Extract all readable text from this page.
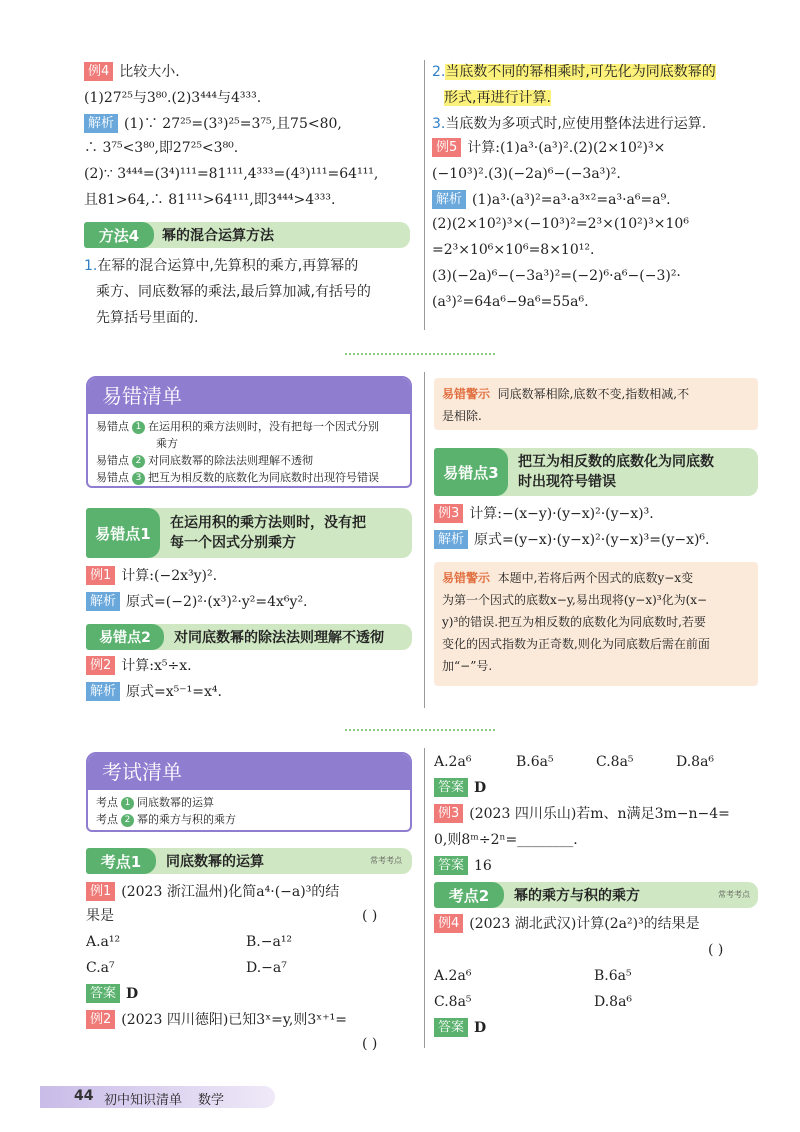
例4 比较大小.
(1)27²⁵与3⁸⁰.(2)3⁴⁴⁴与4³³³.
解析 (1)∵ 27²⁵=(3³)²⁵=3⁷⁵,且75<80,
∴ 3⁷⁵<3⁸⁰,即27²⁵<3⁸⁰.
(2)∵ 3⁴⁴⁴=(3⁴)¹¹¹=81¹¹¹,4³³³=(4³)¹¹¹=64¹¹¹,
且81>64,∴ 81¹¹¹>64¹¹¹,即3⁴⁴⁴>4³³³.
方法4	幂的混合运算方法
1.在幂的混合运算中,先算积的乘方,再算幂的
乘方、同底数幂的乘法,最后算加减,有括号的
先算括号里面的.
2.当底数不同的幂相乘时,可先化为同底数幂的
形式,再进行计算.
3.当底数为多项式时,应使用整体法进行运算.
例5 计算:(1)a³·(a³)².(2)(2×10²)³×
(−10³)².(3)(−2a)⁶−(−3a³)².
解析 (1)a³·(a³)²=a³·a³ˣ²=a³·a⁶=a⁹.
(2)(2×10²)³×(−10³)²=2³×(10²)³×10⁶
=2³×10⁶×10⁶=8×10¹².
(3)(−2a)⁶−(−3a³)²=(−2)⁶·a⁶−(−3)²·
(a³)²=64a⁶−9a⁶=55a⁶.
易错清单
易错点 1 在运用积的乘方法则时，没有把每一个因式分别
乘方
易错点 2 对同底数幂的除法法则理解不透彻
易错点 3 把互为相反数的底数化为同底数时出现符号错误
易错点1
在运用积的乘方法则时，没有把
每一个因式分别乘方
例1 计算:(−2x³y)².
解析 原式=(−2)²·(x³)²·y²=4x⁶y².
易错点2	对同底数幂的除法法则理解不透彻
例2 计算:x⁵÷x.
解析 原式=x⁵⁻¹=x⁴.
易错警示 同底数幂相除,底数不变,指数相减,不
是相除.
易错点3
把互为相反数的底数化为同底数
时出现符号错误
例3 计算:−(x−y)·(y−x)²·(y−x)³.
解析 原式=(y−x)·(y−x)²·(y−x)³=(y−x)⁶.
易错警示 本题中,若将后两个因式的底数y−x变
为第一个因式的底数x−y,易出现将(y−x)³化为(x−
y)³的错误.把互为相反数的底数化为同底数时,若要
变化的因式指数为正奇数,则化为同底数后需在前面
加“−”号.
考试清单
考点 1 同底数幂的运算
考点 2 幂的乘方与积的乘方
考点1	同底数幂的运算	常考考点
例1 (2023 浙江温州)化简a⁴·(−a)³的结
果是	( )
A.a¹²	B.−a¹²
C.a⁷	D.−a⁷
答案 D
例2 (2023 四川德阳)已知3ˣ=y,则3ˣ⁺¹=
( )
A.2a⁶	B.6a⁵	C.8a⁵	D.8a⁶
答案 D
例3 (2023 四川乐山)若m、n满足3m−n−4=
0,则8ᵐ÷2ⁿ=________.
答案 16
考点2	幂的乘方与积的乘方	常考考点
例4 (2023 湖北武汉)计算(2a²)³的结果是
( )
A.2a⁶	B.6a⁵
C.8a⁵	D.8a⁶
答案 D
44 初中知识清单 数学
